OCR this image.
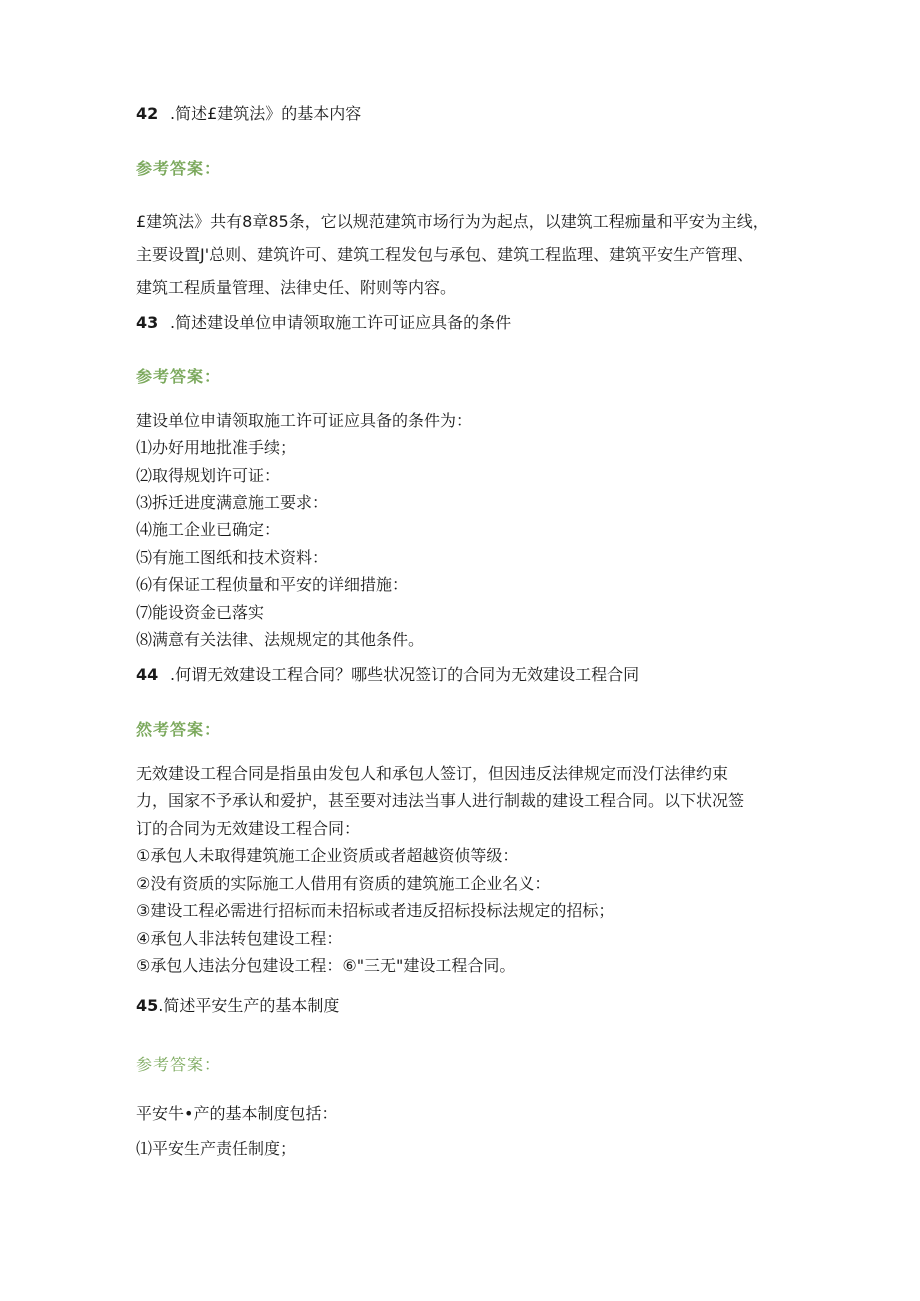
42 .简述£建筑法》的基本内容
参考答案：
£建筑法》共有8章85条，它以规范建筑市场行为为起点，以建筑工程痂量和平安为主线，
主要设置J'总则、建筑许可、建筑工程发包与承包、建筑工程监理、建筑平安生产管理、
建筑工程质量管理、法律史任、附则等内容。
43 .简述建设单位申请领取施工许可证应具备的条件
参考答案：
建设单位申请领取施工许可证应具备的条件为：
⑴办好用地批准手续；
⑵取得规划许可证：
⑶拆迁进度满意施工要求：
⑷施工企业已确定：
⑸有施工图纸和技术资料：
⑹有保证工程侦量和平安的详细措施：
⑺能设资金已落实
⑻满意有关法律、法规规定的其他条件。
44 .何谓无效建设工程合同？哪些状况签订的合同为无效建设工程合同
然考答案：
无效建设工程合同是指虽由发包人和承包人签订，但因违反法律规定而没仃法律约束
力，国家不予承认和爱护，甚至要对违法当事人进行制裁的建设工程合同。以下状况签
订的合同为无效建设工程合同：
①承包人未取得建筑施工企业资质或者超越资侦等级：
②没有资质的实际施工人借用有资质的建筑施工企业名义：
③建设工程必需进行招标而未招标或者违反招标投标法规定的招标；
④承包人非法转包建设工程：
⑤承包人违法分包建设工程：⑥"三无"建设工程合同。
45.简述平安生产的基本制度
参考答案：
平安牛•产的基本制度包括：
⑴平安生产责任制度；
